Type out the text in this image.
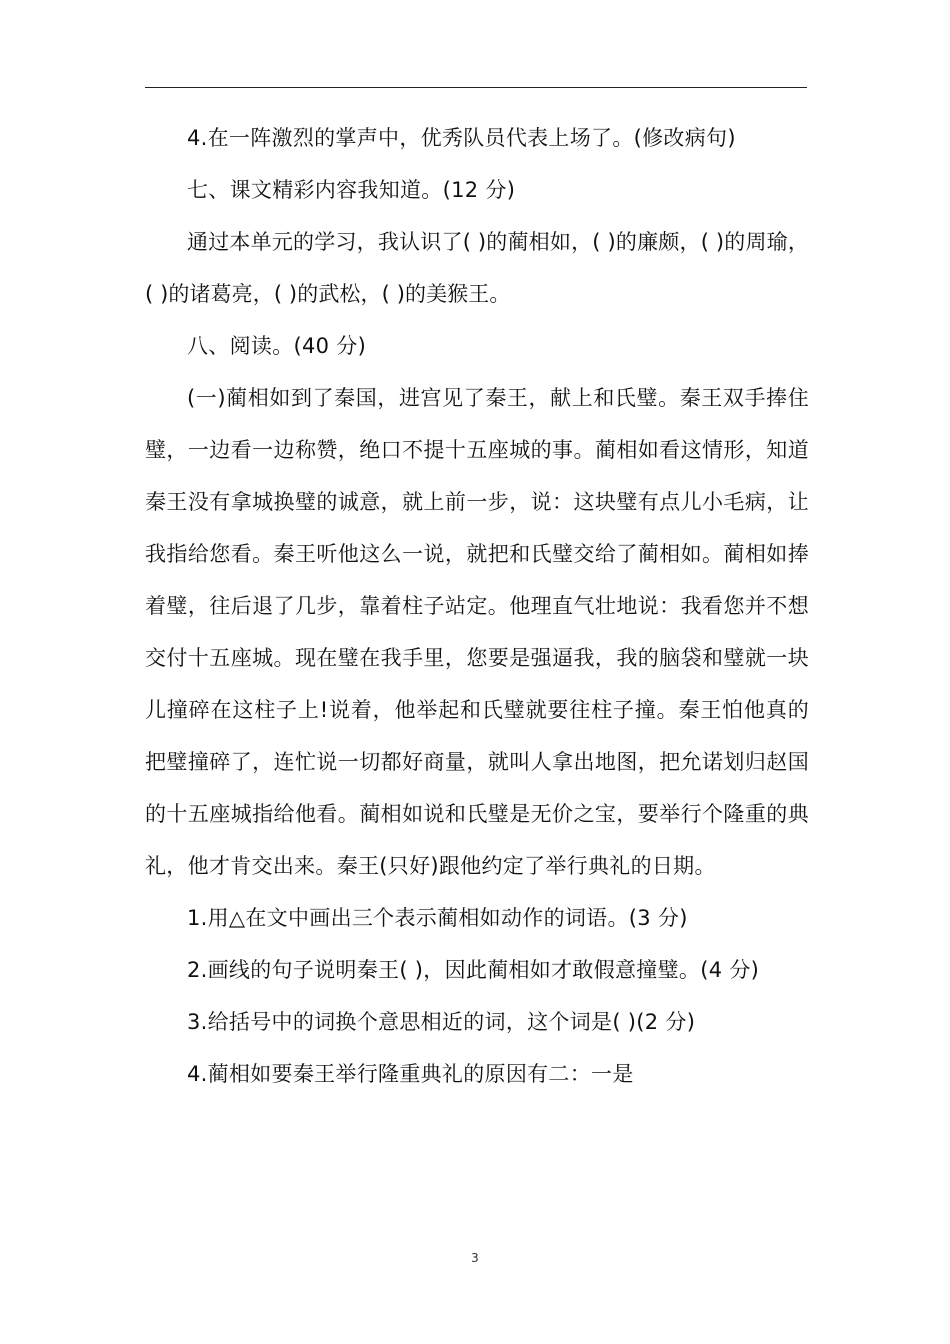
4.在一阵激烈的掌声中，优秀队员代表上场了。(修改病句)

七、课文精彩内容我知道。(12 分)

通过本单元的学习，我认识了( )的蔺相如，( )的廉颇，( )的周瑜，( )的诸葛亮，( )的武松，( )的美猴王。

八、阅读。(40 分)

(一)蔺相如到了秦国，进宫见了秦王，献上和氏璧。秦王双手捧住璧，一边看一边称赞，绝口不提十五座城的事。蔺相如看这情形，知道秦王没有拿城换璧的诚意，就上前一步，说：这块璧有点儿小毛病，让我指给您看。秦王听他这么一说，就把和氏璧交给了蔺相如。蔺相如捧着璧，往后退了几步，靠着柱子站定。他理直气壮地说：我看您并不想交付十五座城。现在璧在我手里，您要是强逼我，我的脑袋和璧就一块儿撞碎在这柱子上!说着，他举起和氏璧就要往柱子撞。秦王怕他真的把璧撞碎了，连忙说一切都好商量，就叫人拿出地图，把允诺划归赵国的十五座城指给他看。蔺相如说和氏璧是无价之宝，要举行个隆重的典礼，他才肯交出来。秦王(只好)跟他约定了举行典礼的日期。

1.用△在文中画出三个表示蔺相如动作的词语。(3 分)

2.画线的句子说明秦王( )，因此蔺相如才敢假意撞璧。(4 分)

3.给括号中的词换个意思相近的词，这个词是( )(2 分)

4.蔺相如要秦王举行隆重典礼的原因有二：一是

3
